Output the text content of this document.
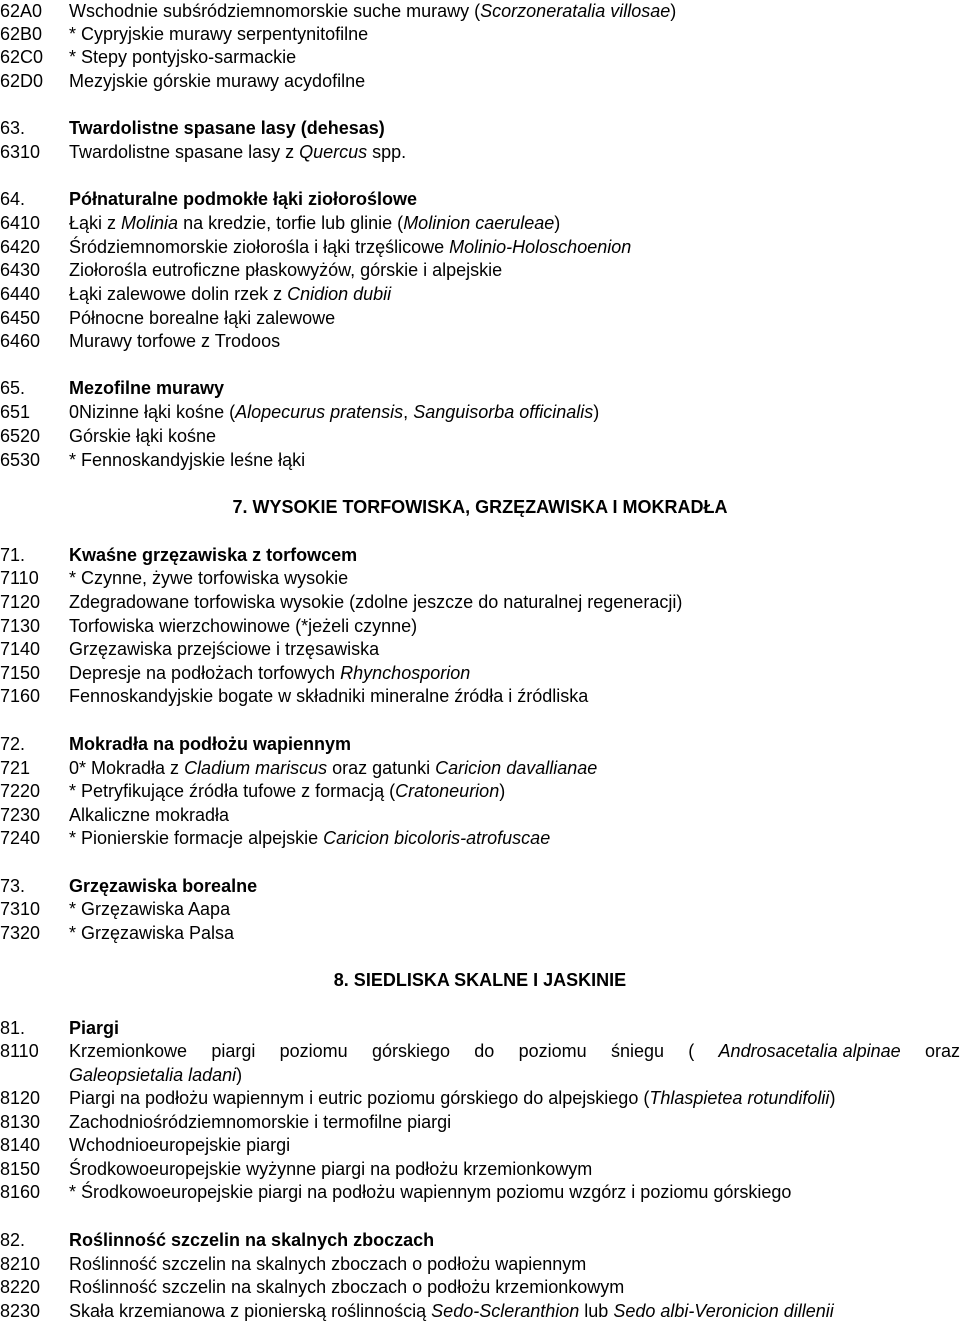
62A0 Wschodnie subśródziemnomorskie suche murawy (Scorzoneratalia villosae)
62B0 * Cypryjskie murawy serpentynitofilne
62C0 * Stepy pontyjsko-sarmackie
62D0 Mezyjskie górskie murawy acydofilne
63. Twardolistne spasane lasy (dehesas)
6310 Twardolistne spasane lasy z Quercus spp.
64. Półnaturalne podmokłe łąki ziołoroślowe
6410 Łąki z Molinia na kredzie, torfie lub glinie (Molinion caeruleae)
6420 Śródziemnomorskie ziołorośla i łąki trzęślicowe Molinio-Holoschoenion
6430 Ziołorośla eutroficzne płaskowyżów, górskie i alpejskie
6440 Łąki zalewowe dolin rzek z Cnidion dubii
6450 Północne borealne łąki zalewowe
6460 Murawy torfowe z Trodoos
65. Mezofilne murawy
651 0Nizinne łąki kośne (Alopecurus pratensis, Sanguisorba officinalis)
6520 Górskie łąki kośne
6530 * Fennoskandyjskie leśne łąki
7. WYSOKIE TORFOWISKA, GRZĘZAWISKA I MOKRADŁA
71. Kwaśne grzęzawiska z torfowcem
7110 * Czynne, żywe torfowiska wysokie
7120 Zdegradowane torfowiska wysokie (zdolne jeszcze do naturalnej regeneracji)
7130 Torfowiska wierzchowinowe (*jeżeli czynne)
7140 Grzęzawiska przejściowe i trzęsawiska
7150 Depresje na podłożach torfowych Rhynchosporion
7160 Fennoskandyjskie bogate w składniki mineralne źródła i źródliska
72. Mokradła na podłożu wapiennym
721 0* Mokradła z Cladium mariscus oraz gatunki Caricion davallianae
7220 * Petryfikujące źródła tufowe z formacją (Cratoneurion)
7230 Alkaliczne mokradła
7240 * Pionierskie formacje alpejskie Caricion bicoloris-atrofuscae
73. Grzęzawiska borealne
7310 * Grzęzawiska Aapa
7320 * Grzęzawiska Palsa
8. SIEDLISKA SKALNE I JASKINIE
81. Piargi
8110 Krzemionkowe piargi poziomu górskiego do poziomu śniegu ( Androsacetalia alpinae oraz
Galeopsietalia ladani)
8120 Piargi na podłożu wapiennym i eutric poziomu górskiego do alpejskiego (Thlaspietea rotundifolii)
8130 Zachodniośródziemnomorskie i termofilne piargi
8140 Wchodnioeuropejskie piargi
8150 Środkowoeuropejskie wyżynne piargi na podłożu krzemionkowym
8160 * Środkowoeuropejskie piargi na podłożu wapiennym poziomu wzgórz i poziomu górskiego
82. Roślinność szczelin na skalnych zboczach
8210 Roślinność szczelin na skalnych zboczach o podłożu wapiennym
8220 Roślinność szczelin na skalnych zboczach o podłożu krzemionkowym
8230 Skała krzemianowa z pionierską roślinnością Sedo-Scleranthion lub Sedo albi-Veronicion dillenii
